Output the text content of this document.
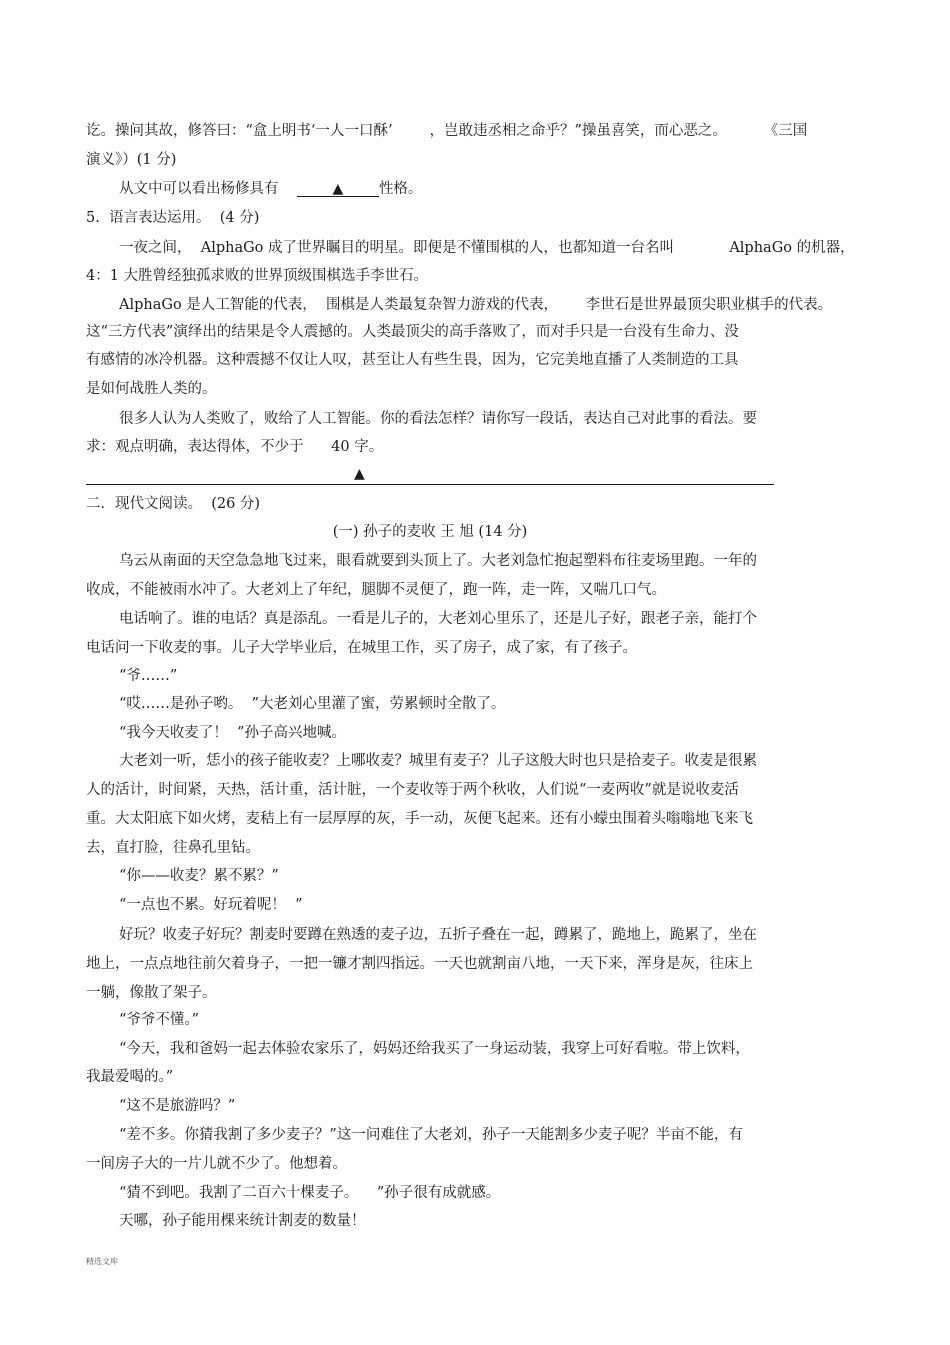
讫。操问其故，修答曰：“盒上明书‘一人一口酥’        ，岂敢违丞相之命乎？”操虽喜笑，而心恶之。        《三国
演义》）(1 分)
从文中可以看出杨修具有	▲ 性格。
5.  语言表达运用。  (4 分)
一夜之间，  AlphaGo 成了世界瞩目的明星。即便是不懂围棋的人，也都知道一台名叫            AlphaGo 的机器，
4：1 大胜曾经独孤求败的世界顶级围棋选手李世石。
AlphaGo 是人工智能的代表，  围棋是人类最复杂智力游戏的代表，      李世石是世界最顶尖职业棋手的代表。
这“三方代表”演绎出的结果是令人震撼的。人类最顶尖的高手落败了，而对手只是一台没有生命力、没
有感情的冰冷机器。这种震撼不仅让人叹，甚至让人有些生畏，因为，它完美地直播了人类制造的工具
是如何战胜人类的。
很多人认为人类败了，败给了人工智能。你的看法怎样？请你写一段话，表达自己对此事的看法。要
求：观点明确，表达得体，不少于      40 字。
▲
二．现代文阅读。  (26 分)
(一) 孙子的麦收 王 旭 (14 分)
乌云从南面的天空急急地飞过来，眼看就要到头顶上了。大老刘急忙抱起塑料布往麦场里跑。一年的
收成，不能被雨水冲了。大老刘上了年纪，腿脚不灵便了，跑一阵，走一阵，又喘几口气。
电话响了。谁的电话？真是添乱。一看是儿子的，大老刘心里乐了，还是儿子好，跟老子亲，能打个
电话问一下收麦的事。儿子大学毕业后，在城里工作，买了房子，成了家，有了孩子。
“爷……”
“哎……是孙子哟。  ”大老刘心里灌了蜜，劳累顿时全散了。
“我今天收麦了！  ”孙子高兴地喊。
大老刘一听，恁小的孩子能收麦？上哪收麦？城里有麦子？儿子这般大时也只是拾麦子。收麦是很累
人的活计，时间紧，天热，活计重，活计脏，一个麦收等于两个秋收，人们说“一麦两收”就是说收麦活
重。大太阳底下如火烤，麦秸上有一层厚厚的灰，手一动，灰便飞起来。还有小蠓虫围着头嗡嗡地飞来飞
去，直打脸，往鼻孔里钻。
“你——收麦？累不累？”
“一点也不累。好玩着呢！  ”
好玩？收麦子好玩？割麦时要蹲在熟透的麦子边，五折子叠在一起，蹲累了，跪地上，跪累了，坐在
地上，一点点地往前欠着身子，一把一镰才割四指远。一天也就割亩八地，一天下来，浑身是灰，往床上
一躺，像散了架子。
“爷爷不懂。”
“今天，我和爸妈一起去体验农家乐了，妈妈还给我买了一身运动装，我穿上可好看啦。带上饮料，
我最爱喝的。”
“这不是旅游吗？”
“差不多。你猜我割了多少麦子？”这一问难住了大老刘，孙子一天能割多少麦子呢？半亩不能，有
一间房子大的一片儿就不少了。他想着。
“猜不到吧。我割了二百六十棵麦子。    ”孙子很有成就感。
天哪，孙子能用棵来统计割麦的数量！
精选文库
